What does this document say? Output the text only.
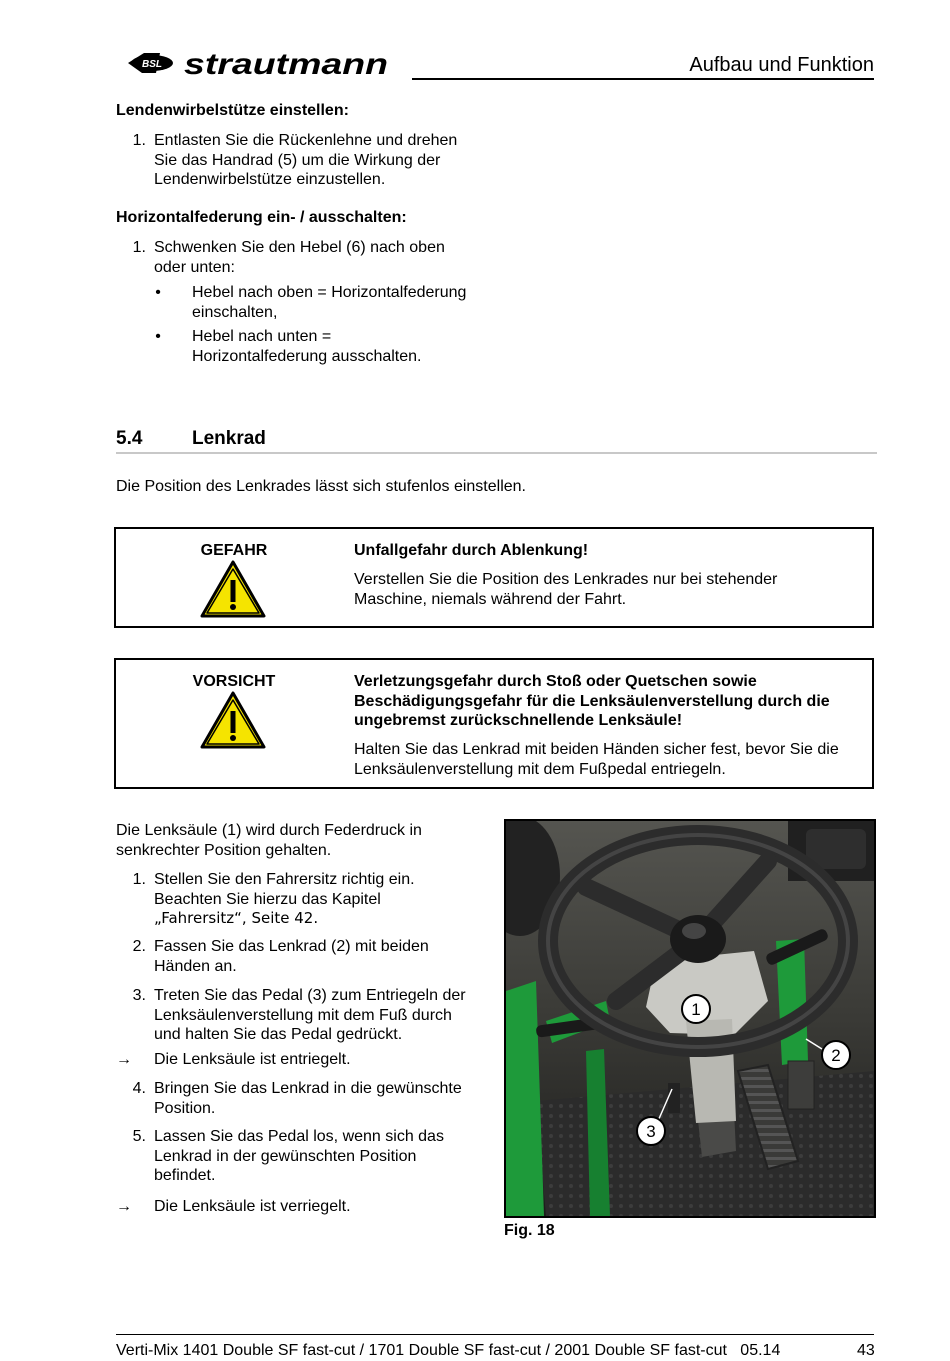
BSL strautmann	Aufbau und Funktion
Lendenwirbelstütze einstellen:
1. Entlasten Sie die Rückenlehne und drehen
Sie das Handrad (5) um die Wirkung der
Lendenwirbelstütze einzustellen.
Horizontalfederung ein- / ausschalten:
1. Schwenken Sie den Hebel (6) nach oben
oder unten:
• Hebel nach oben = Horizontalfederung
einschalten,
• Hebel nach unten =
Horizontalfederung ausschalten.
5.4	Lenkrad
Die Position des Lenkrades lässt sich stufenlos einstellen.
GEFAHR	Unfallgefahr durch Ablenkung!
Verstellen Sie die Position des Lenkrades nur bei stehender
Maschine, niemals während der Fahrt.
VORSICHT	Verletzungsgefahr durch Stoß oder Quetschen sowie
Beschädigungsgefahr für die Lenksäulenverstellung durch die
ungebremst zurückschnellende Lenksäule!
Halten Sie das Lenkrad mit beiden Händen sicher fest, bevor Sie die
Lenksäulenverstellung mit dem Fußpedal entriegeln.
Die Lenksäule (1) wird durch Federdruck in
senkrechter Position gehalten.
1. Stellen Sie den Fahrersitz richtig ein.
Beachten Sie hierzu das Kapitel
„Fahrersitz“, Seite 42.
2. Fassen Sie das Lenkrad (2) mit beiden
Händen an.
3. Treten Sie das Pedal (3) zum Entriegeln der
Lenksäulenverstellung mit dem Fuß durch
und halten Sie das Pedal gedrückt.
→ Die Lenksäule ist entriegelt.
4. Bringen Sie das Lenkrad in die gewünschte
Position.
5. Lassen Sie das Pedal los, wenn sich das
Lenkrad in der gewünschten Position
befindet.
→ Die Lenksäule ist verriegelt.
1
2
3
Fig. 18
Verti-Mix 1401 Double SF fast-cut / 1701 Double SF fast-cut / 2001 Double SF fast-cut   05.14	43
